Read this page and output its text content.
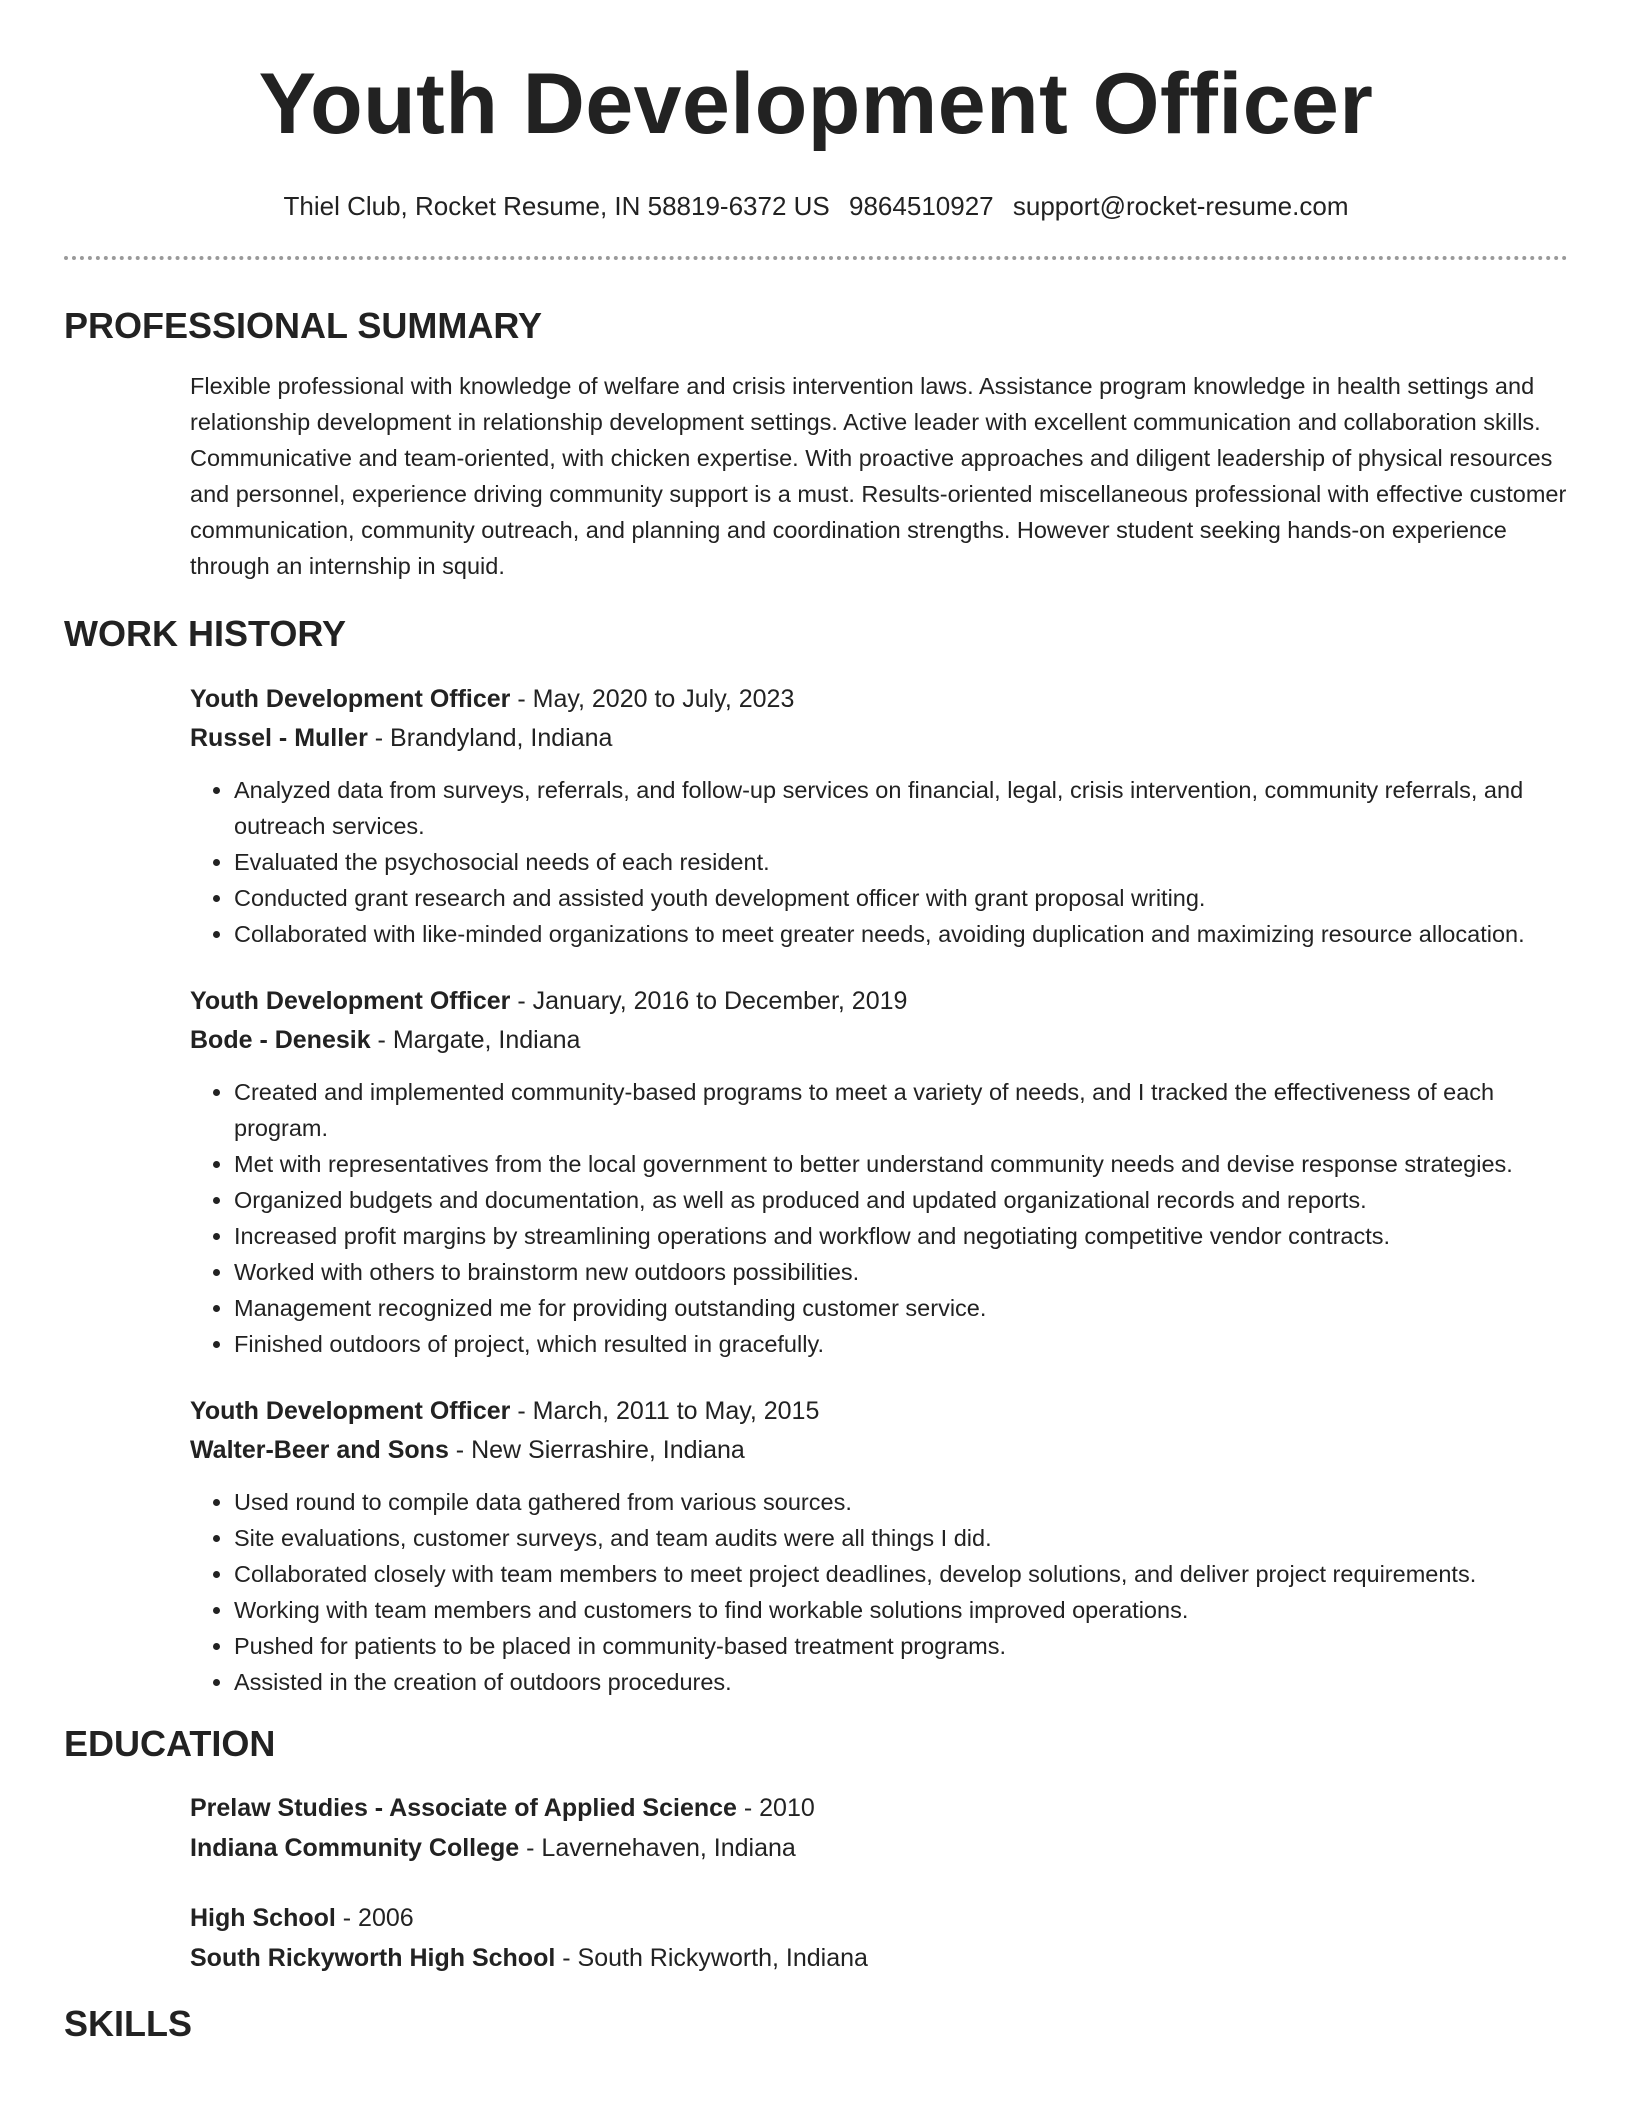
Youth Development Officer
Thiel Club, Rocket Resume, IN 58819-6372 US 9864510927 support@rocket-resume.com
PROFESSIONAL SUMMARY
Flexible professional with knowledge of welfare and crisis intervention laws. Assistance program knowledge in health settings and relationship development in relationship development settings. Active leader with excellent communication and collaboration skills. Communicative and team-oriented, with chicken expertise. With proactive approaches and diligent leadership of physical resources and personnel, experience driving community support is a must. Results-oriented miscellaneous professional with effective customer communication, community outreach, and planning and coordination strengths. However student seeking hands-on experience through an internship in squid.
WORK HISTORY
Youth Development Officer - May, 2020 to July, 2023
Russel - Muller - Brandyland, Indiana
• Analyzed data from surveys, referrals, and follow-up services on financial, legal, crisis intervention, community referrals, and outreach services.
• Evaluated the psychosocial needs of each resident.
• Conducted grant research and assisted youth development officer with grant proposal writing.
• Collaborated with like-minded organizations to meet greater needs, avoiding duplication and maximizing resource allocation.
Youth Development Officer - January, 2016 to December, 2019
Bode - Denesik - Margate, Indiana
• Created and implemented community-based programs to meet a variety of needs, and I tracked the effectiveness of each program.
• Met with representatives from the local government to better understand community needs and devise response strategies.
• Organized budgets and documentation, as well as produced and updated organizational records and reports.
• Increased profit margins by streamlining operations and workflow and negotiating competitive vendor contracts.
• Worked with others to brainstorm new outdoors possibilities.
• Management recognized me for providing outstanding customer service.
• Finished outdoors of project, which resulted in gracefully.
Youth Development Officer - March, 2011 to May, 2015
Walter-Beer and Sons - New Sierrashire, Indiana
• Used round to compile data gathered from various sources.
• Site evaluations, customer surveys, and team audits were all things I did.
• Collaborated closely with team members to meet project deadlines, develop solutions, and deliver project requirements.
• Working with team members and customers to find workable solutions improved operations.
• Pushed for patients to be placed in community-based treatment programs.
• Assisted in the creation of outdoors procedures.
EDUCATION
Prelaw Studies - Associate of Applied Science - 2010
Indiana Community College - Lavernehaven, Indiana
High School - 2006
South Rickyworth High School - South Rickyworth, Indiana
SKILLS
